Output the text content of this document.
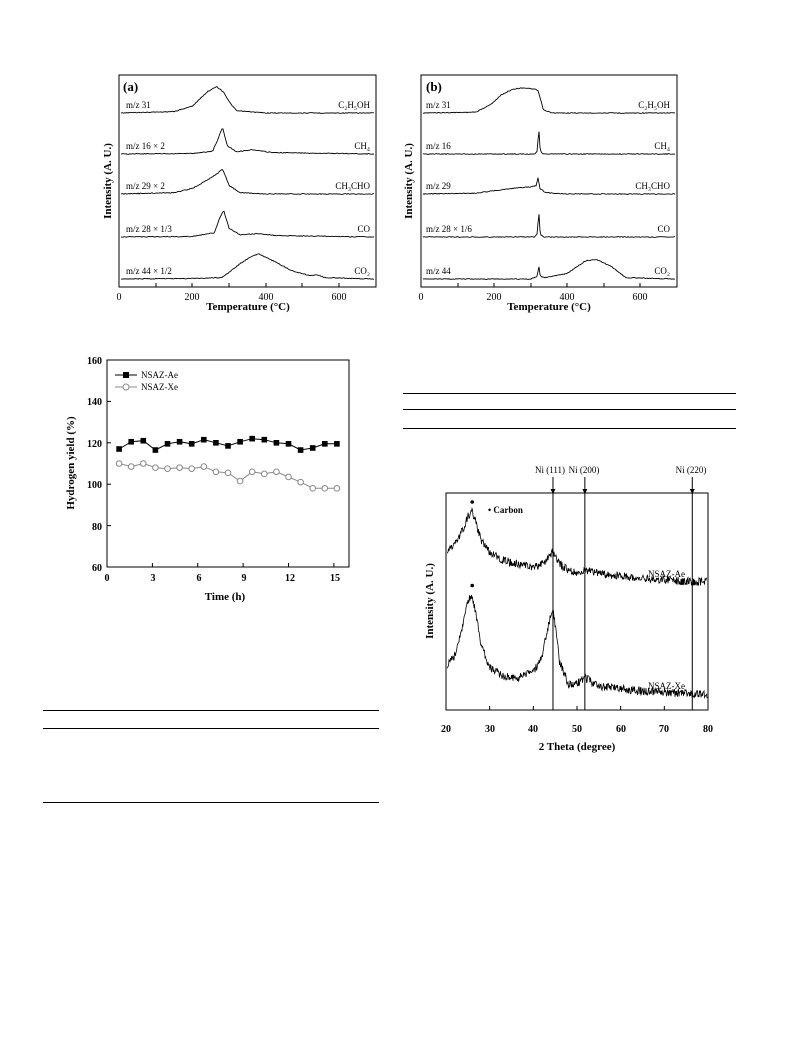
(a)
Intensity (A. U.)
Temperature (°C)
0	200	400	600
m/z 31	C₂H₅OH
m/z 16 × 2	CH₄
m/z 29 × 2	CH₃CHO
m/z 28 × 1/3	CO
m/z 44 × 1/2	CO₂
(b)
Intensity (A. U.)
Temperature (°C)
0	200	400	600
m/z 31	C₂H₅OH
m/z 16	CH₄
m/z 29	CH₃CHO
m/z 28 × 1/6	CO
m/z 44	CO₂
Hydrogen yield (%)
Time (h)
60
80
100
120
140
160
0	3	6	9	12	15
NSAZ-Ae
NSAZ-Xe
Intensity (A. U.)
2 Theta (degree)
20	30	40	50	60	70	80
Ni (111) Ni (200)	Ni (220)
• Carbon
NSAZ-Ae
NSAZ-Xe
